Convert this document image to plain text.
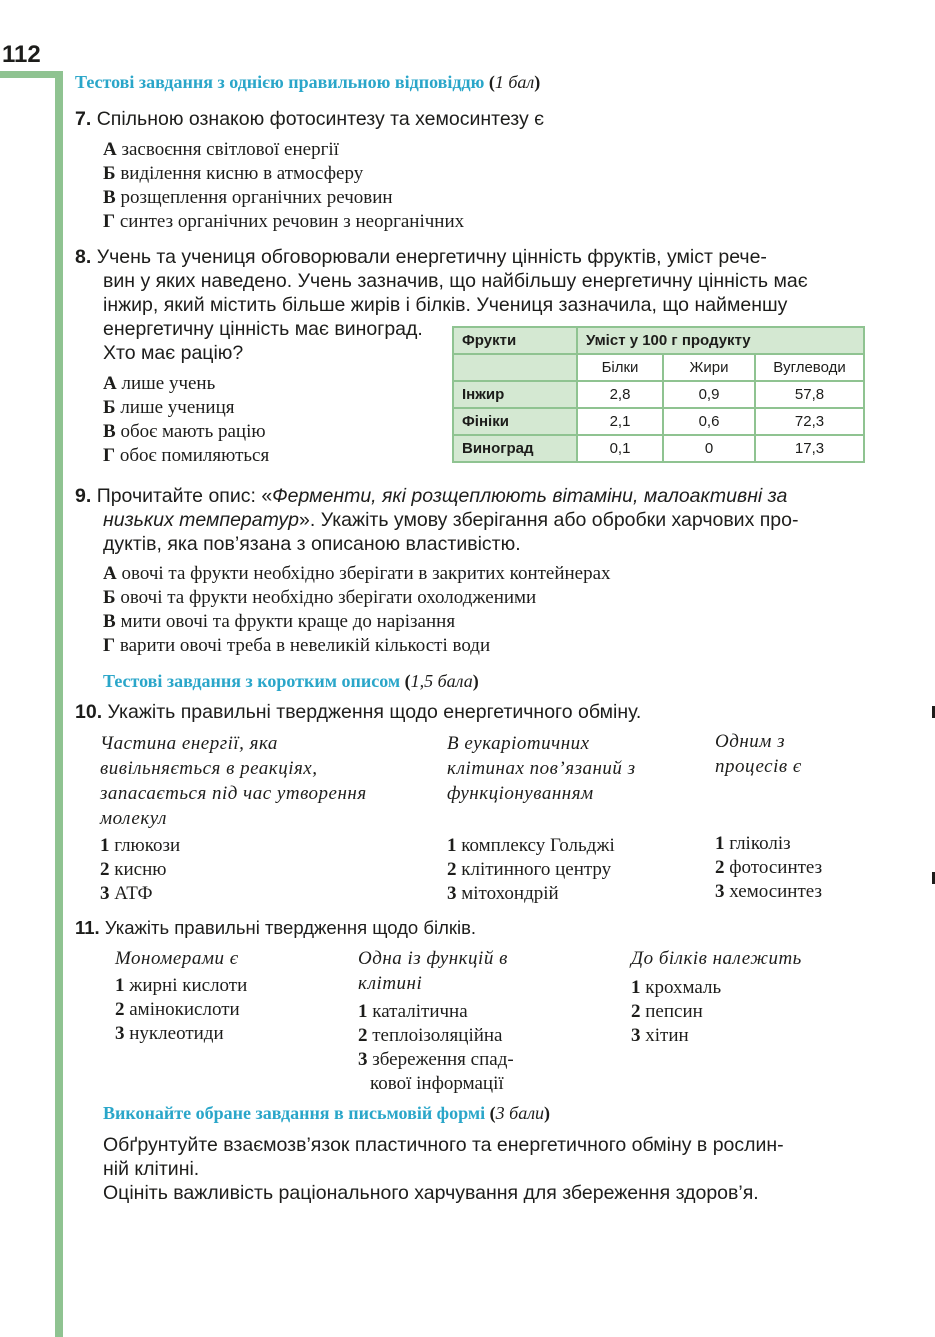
112
Тестові завдання з однією правильною відповіддю (1 бал)
7. Спільною ознакою фотосинтезу та хемосинтезу є
А засвоєння світлової енергії
Б виділення кисню в атмосферу
В розщеплення органічних речовин
Г синтез органічних речовин з неорганічних
8. Учень та учениця обговорювали енергетичну цінність фруктів, уміст рече-
вин у яких наведено. Учень зазначив, що найбільшу енергетичну цінність має
інжир, який містить більше жирів і білків. Учениця зазначила, що найменшу
енергетичну цінність має виноград.
Хто має рацію?
А лише учень
Б лише учениця
В обоє мають рацію
Г обоє помиляються
Фрукти	Уміст у 100 г продукту		
	Білки	Жири	Вуглеводи
Інжир	2,8	0,9	57,8
Фініки	2,1	0,6	72,3
Виноград	0,1	0	17,3
9. Прочитайте опис: «Ферменти, які розщеплюють вітаміни, малоактивні за
низьких температур». Укажіть умову зберігання або обробки харчових про-
дуктів, яка пов’язана з описаною властивістю.
А овочі та фрукти необхідно зберігати в закритих контейнерах
Б овочі та фрукти необхідно зберігати охолодженими
В мити овочі та фрукти краще до нарізання
Г варити овочі треба в невеликій кількості води
Тестові завдання з коротким описом (1,5 бала)
10. Укажіть правильні твердження щодо енергетичного обміну.
Частина енергії, яка
вивільняється в реакціях,
запасається під час утворення
молекул
1 глюкози
2 кисню
3 АТФ
В еукаріотичних
клітинах пов’язаний з
функціонуванням
1 комплексу Гольджі
2 клітинного центру
3 мітохондрій
Одним з
процесів є
1 гліколіз
2 фотосинтез
3 хемосинтез
11. Укажіть правильні твердження щодо білків.
Мономерами є
1 жирні кислоти
2 амінокислоти
3 нуклеотиди
Одна із функцій в
клітині
1 каталітична
2 теплоізоляційна
3 збереження спад-
кової інформації
До білків належить
1 крохмаль
2 пепсин
3 хітин
Виконайте обране завдання в письмовій формі (3 бали)
Обґрунтуйте взаємозв’язок пластичного та енергетичного обміну в рослин-
ній клітині.
Оцініть важливість раціонального харчування для збереження здоров’я.
